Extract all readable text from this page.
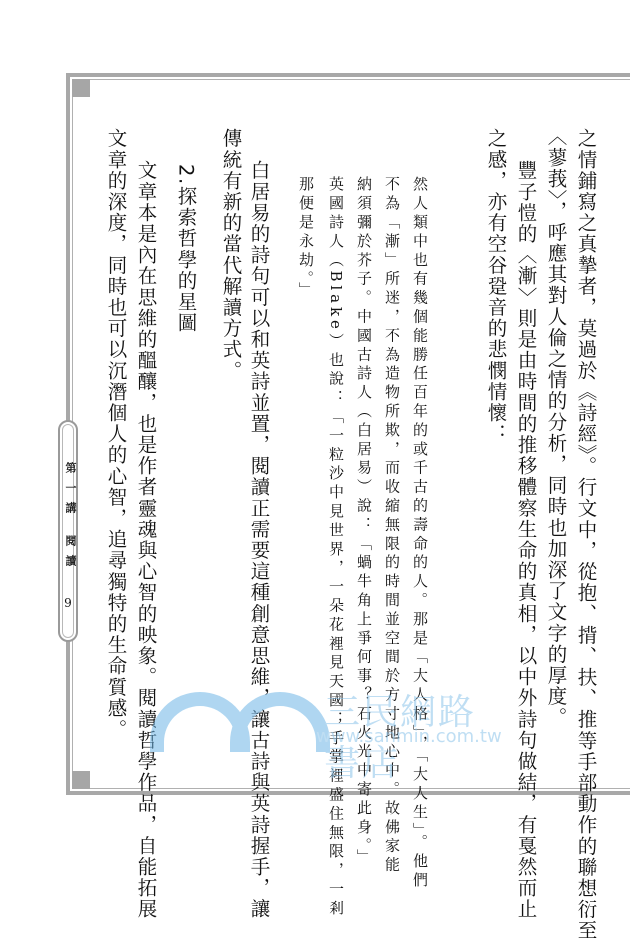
第一講 閱讀
9	之情鋪寫之真摯者，莫過於《詩經》。行文中，從抱、揹、扶、推等手部動作的聯想衍至
〈蓼莪〉，呼應其對人倫之情的分析，同時也加深了文字的厚度。
豐子愷的〈漸〉則是由時間的推移體察生命的真相，以中外詩句做結，有戛然而止
之感，亦有空谷跫音的悲憫情懷：
然人類中也有幾個能勝任百年的或千古的壽命的人。那是「大人格」，「大人生」。他們
不為「漸」所迷，不為造物所欺，而收縮無限的時間並空間於方寸地心中。故佛家能
納須彌於芥子。中國古詩人（白居易）說：「蝸牛角上爭何事？石火光中寄此身。」
英國詩人（Blake）也說：「一粒沙中見世界，一朵花裡見天國；手掌裡盛住無限，一剎
那便是永劫。」
白居易的詩句可以和英詩並置，閱讀正需要這種創意思維，讓古詩與英詩握手，讓
傳統有新的當代解讀方式。
2.探索哲學的星圖
文章本是內在思維的醞釀，也是作者靈魂與心智的映象。閱讀哲學作品，自能拓展
文章的深度，同時也可以沉潛個人的心智，追尋獨特的生命質感。	三民網路書店
www.sanmin.com.tw
